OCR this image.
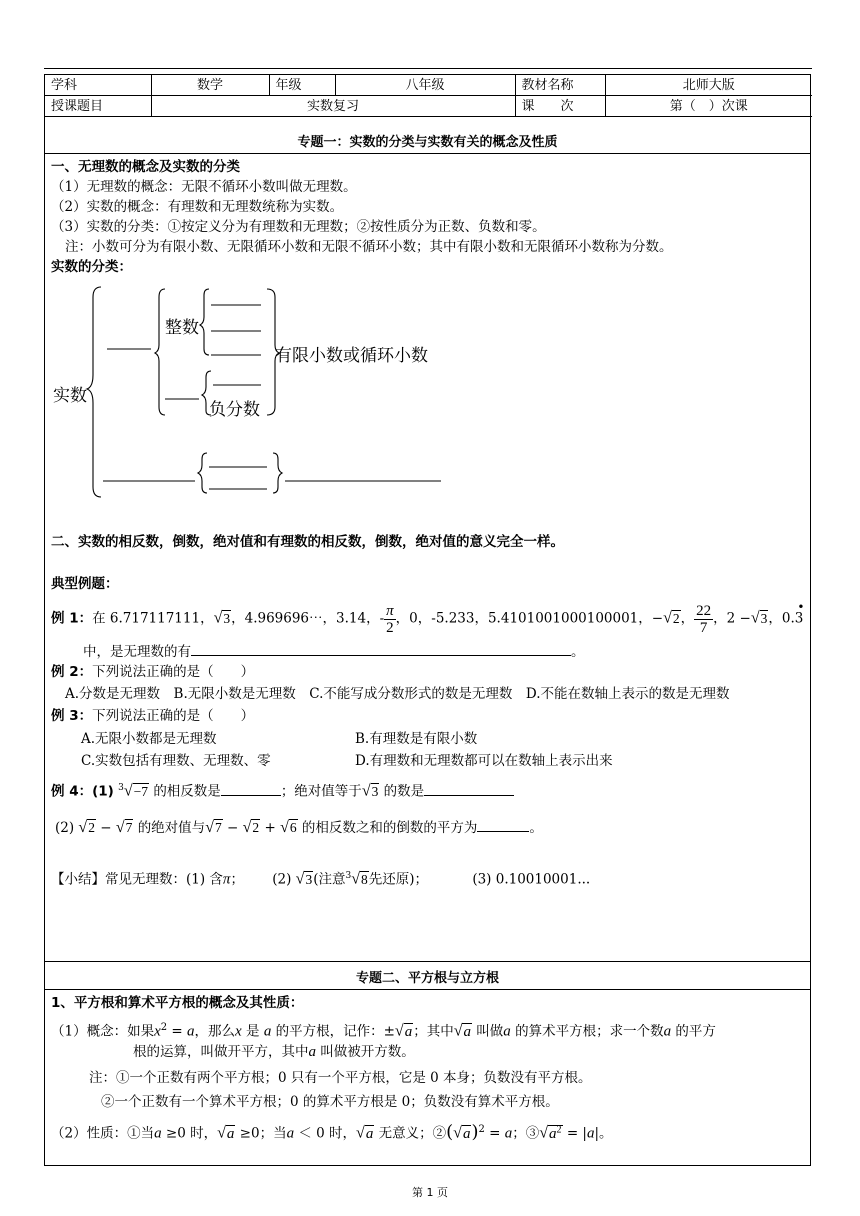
学科	数学	年级	八年级	教材名称	北师大版
授课题目	实数复习			课　　次	第（　）次课
专题一：实数的分类与实数有关的概念及性质
一、无理数的概念及实数的分类
（1）无理数的概念：无限不循环小数叫做无理数。
（2）实数的概念：有理数和无理数统称为实数。
（3）实数的分类：①按定义分为有理数和无理数；②按性质分为正数、负数和零。
注：小数可分为有限小数、无限循环小数和无限不循环小数；其中有限小数和无限循环小数称为分数。
实数的分类：
实数
整数
负分数
有限小数或循环小数
二、实数的相反数，倒数，绝对值和有理数的相反数，倒数，绝对值的意义完全一样。
典型例题：
例 1：在 6.717117111，√3，4.969696⋯，3.14，- $\frac{\pi}{2}$ ，0，-5.233，5.4101001000100001，−√2， $\frac{22}{7}$ ，2 −√3，0.3•
中，是无理数的有	。
例 2：下列说法正确的是（　　）
A.分数是无理数　B.无限小数是无理数　C.不能写成分数形式的数是无理数　D.不能在数轴上表示的数是无理数
例 3：下列说法正确的是（　　）
A.无限小数都是无理数	B.有理数是有限小数
C.实数包括有理数、无理数、零	D.有理数和无理数都可以在数轴上表示出来
例 4：(1) $^3$√−7 的相反数是	；绝对值等于√3 的数是
(2) √2 − √7 的绝对值与√7 − √2 + √6 的相反数之和的倒数的平方为	。
【小结】常见无理数：(1) 含π； (2) √3(注意$^3$√8先还原)；	(3) 0.10010001...
专题二、平方根与立方根
1、平方根和算术平方根的概念及其性质：
（1）概念：如果$x^2 = a$，那么x 是 a 的平方根，记作：±√a；其中√a 叫做a 的算术平方根；求一个数a 的平方
根的运算，叫做开平方，其中a 叫做被开方数。
注：①一个正数有两个平方根；0 只有一个平方根，它是 0 本身；负数没有平方根。
②一个正数有一个算术平方根；0 的算术平方根是 0；负数没有算术平方根。
（2）性质：①当a ≥0 时，√a ≥0；当a ＜ 0 时，√a 无意义；$②(√a)^2 = a$；$③√a^2 = |a|$。
第 1 页
